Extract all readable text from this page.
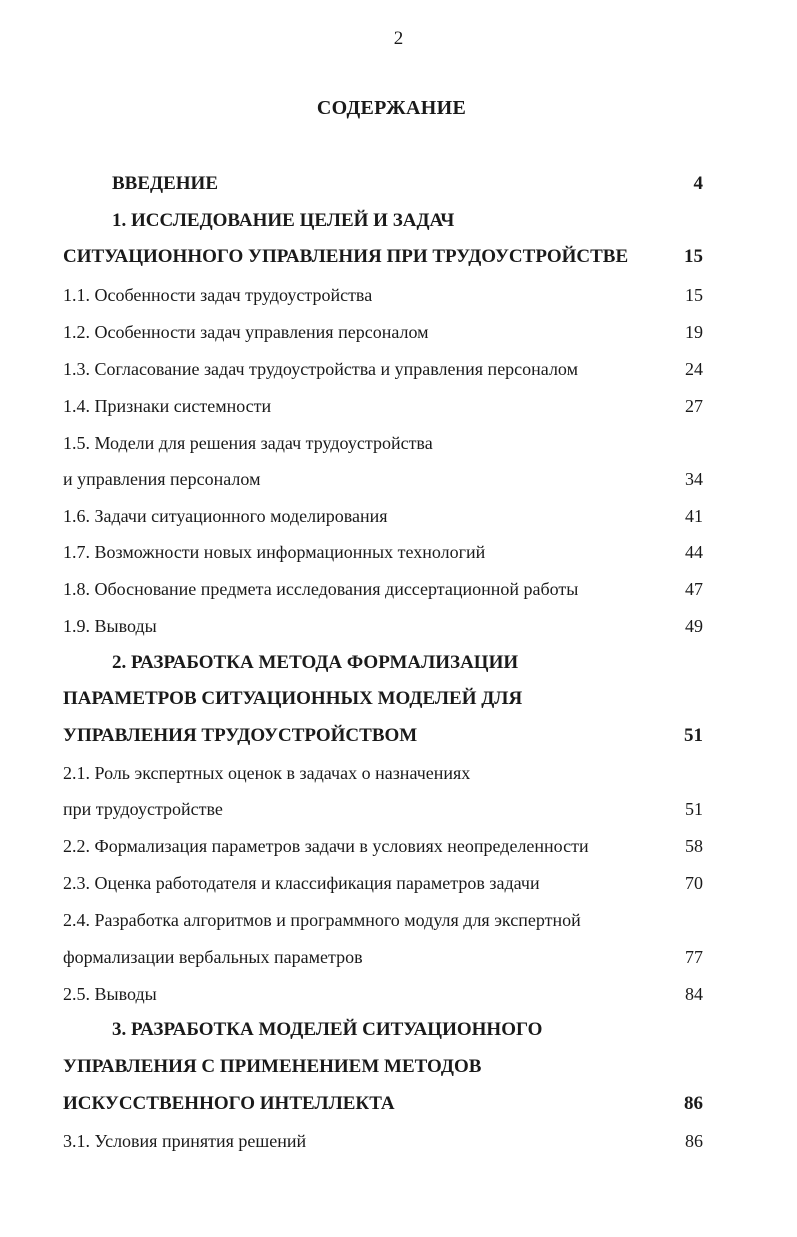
2
СОДЕРЖАНИЕ
ВВЕДЕНИЕ	4
1. ИССЛЕДОВАНИЕ ЦЕЛЕЙ И ЗАДАЧ
СИТУАЦИОННОГО УПРАВЛЕНИЯ ПРИ ТРУДОУСТРОЙСТВЕ	15
1.1. Особенности задач трудоустройства	15
1.2. Особенности задач управления персоналом	19
1.3. Согласование задач трудоустройства и управления персоналом	24
1.4. Признаки системности	27
1.5. Модели для решения задач трудоустройства
и управления персоналом	34
1.6. Задачи ситуационного моделирования	41
1.7. Возможности новых информационных технологий	44
1.8. Обоснование предмета исследования диссертационной работы	47
1.9. Выводы	49
2. РАЗРАБОТКА МЕТОДА ФОРМАЛИЗАЦИИ
ПАРАМЕТРОВ СИТУАЦИОННЫХ МОДЕЛЕЙ ДЛЯ
УПРАВЛЕНИЯ ТРУДОУСТРОЙСТВОМ	51
2.1. Роль экспертных оценок в задачах о назначениях
при трудоустройстве	51
2.2. Формализация параметров задачи в условиях неопределенности	58
2.3. Оценка работодателя и классификация параметров задачи	70
2.4. Разработка алгоритмов и программного модуля для экспертной
формализации вербальных параметров	77
2.5. Выводы	84
3. РАЗРАБОТКА МОДЕЛЕЙ СИТУАЦИОННОГО
УПРАВЛЕНИЯ С ПРИМЕНЕНИЕМ МЕТОДОВ
ИСКУССТВЕННОГО ИНТЕЛЛЕКТА	86
3.1. Условия принятия решений	86
